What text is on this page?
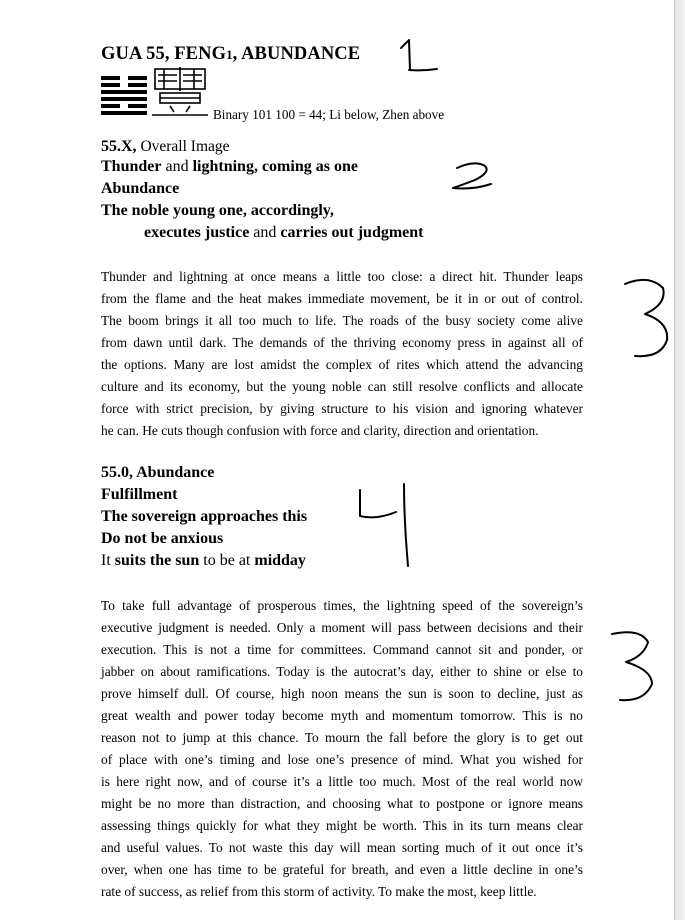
GUA 55, FENG1, ABUNDANCE
Binary 101 100 = 44; Li below, Zhen above
55.X, Overall Image
Thunder and lightning, coming as one
Abundance
The noble young one, accordingly,
executes justice and carries out judgment

Thunder and lightning at once means a little too close: a direct hit. Thunder leaps

from the flame and the heat makes immediate movement, be it in or out of control.

The boom brings it all too much to life. The roads of the busy society come alive

from dawn until dark. The demands of the thriving economy press in against all of

the options. Many are lost amidst the complex of rites which attend the advancing

culture and its economy, but the young noble can still resolve conflicts and allocate

force with strict precision, by giving structure to his vision and ignoring whatever

he can. He cuts though confusion with force and clarity, direction and orientation.

55.0, Abundance
Fulfillment
The sovereign approaches this
Do not be anxious
It suits the sun to be at midday

To take full advantage of prosperous times, the lightning speed of the sovereign’s

executive judgment is needed. Only a moment will pass between decisions and their

execution. This is not a time for committees. Command cannot sit and ponder, or

jabber on about ramifications. Today is the autocrat’s day, either to shine or else to

prove himself dull. Of course, high noon means the sun is soon to decline, just as

great wealth and power today become myth and momentum tomorrow. This is no

reason not to jump at this chance. To mourn the fall before the glory is to get out

of place with one’s timing and lose one’s presence of mind. What you wished for

is here right now, and of course it’s a little too much. Most of the real world now

might be no more than distraction, and choosing what to postpone or ignore means

assessing things quickly for what they might be worth. This in its turn means clear

and useful values. To not waste this day will mean sorting much of it out once it’s

over, when one has time to be grateful for breath, and even a little decline in one’s

rate of success, as relief from this storm of activity. To make the most, keep little.
